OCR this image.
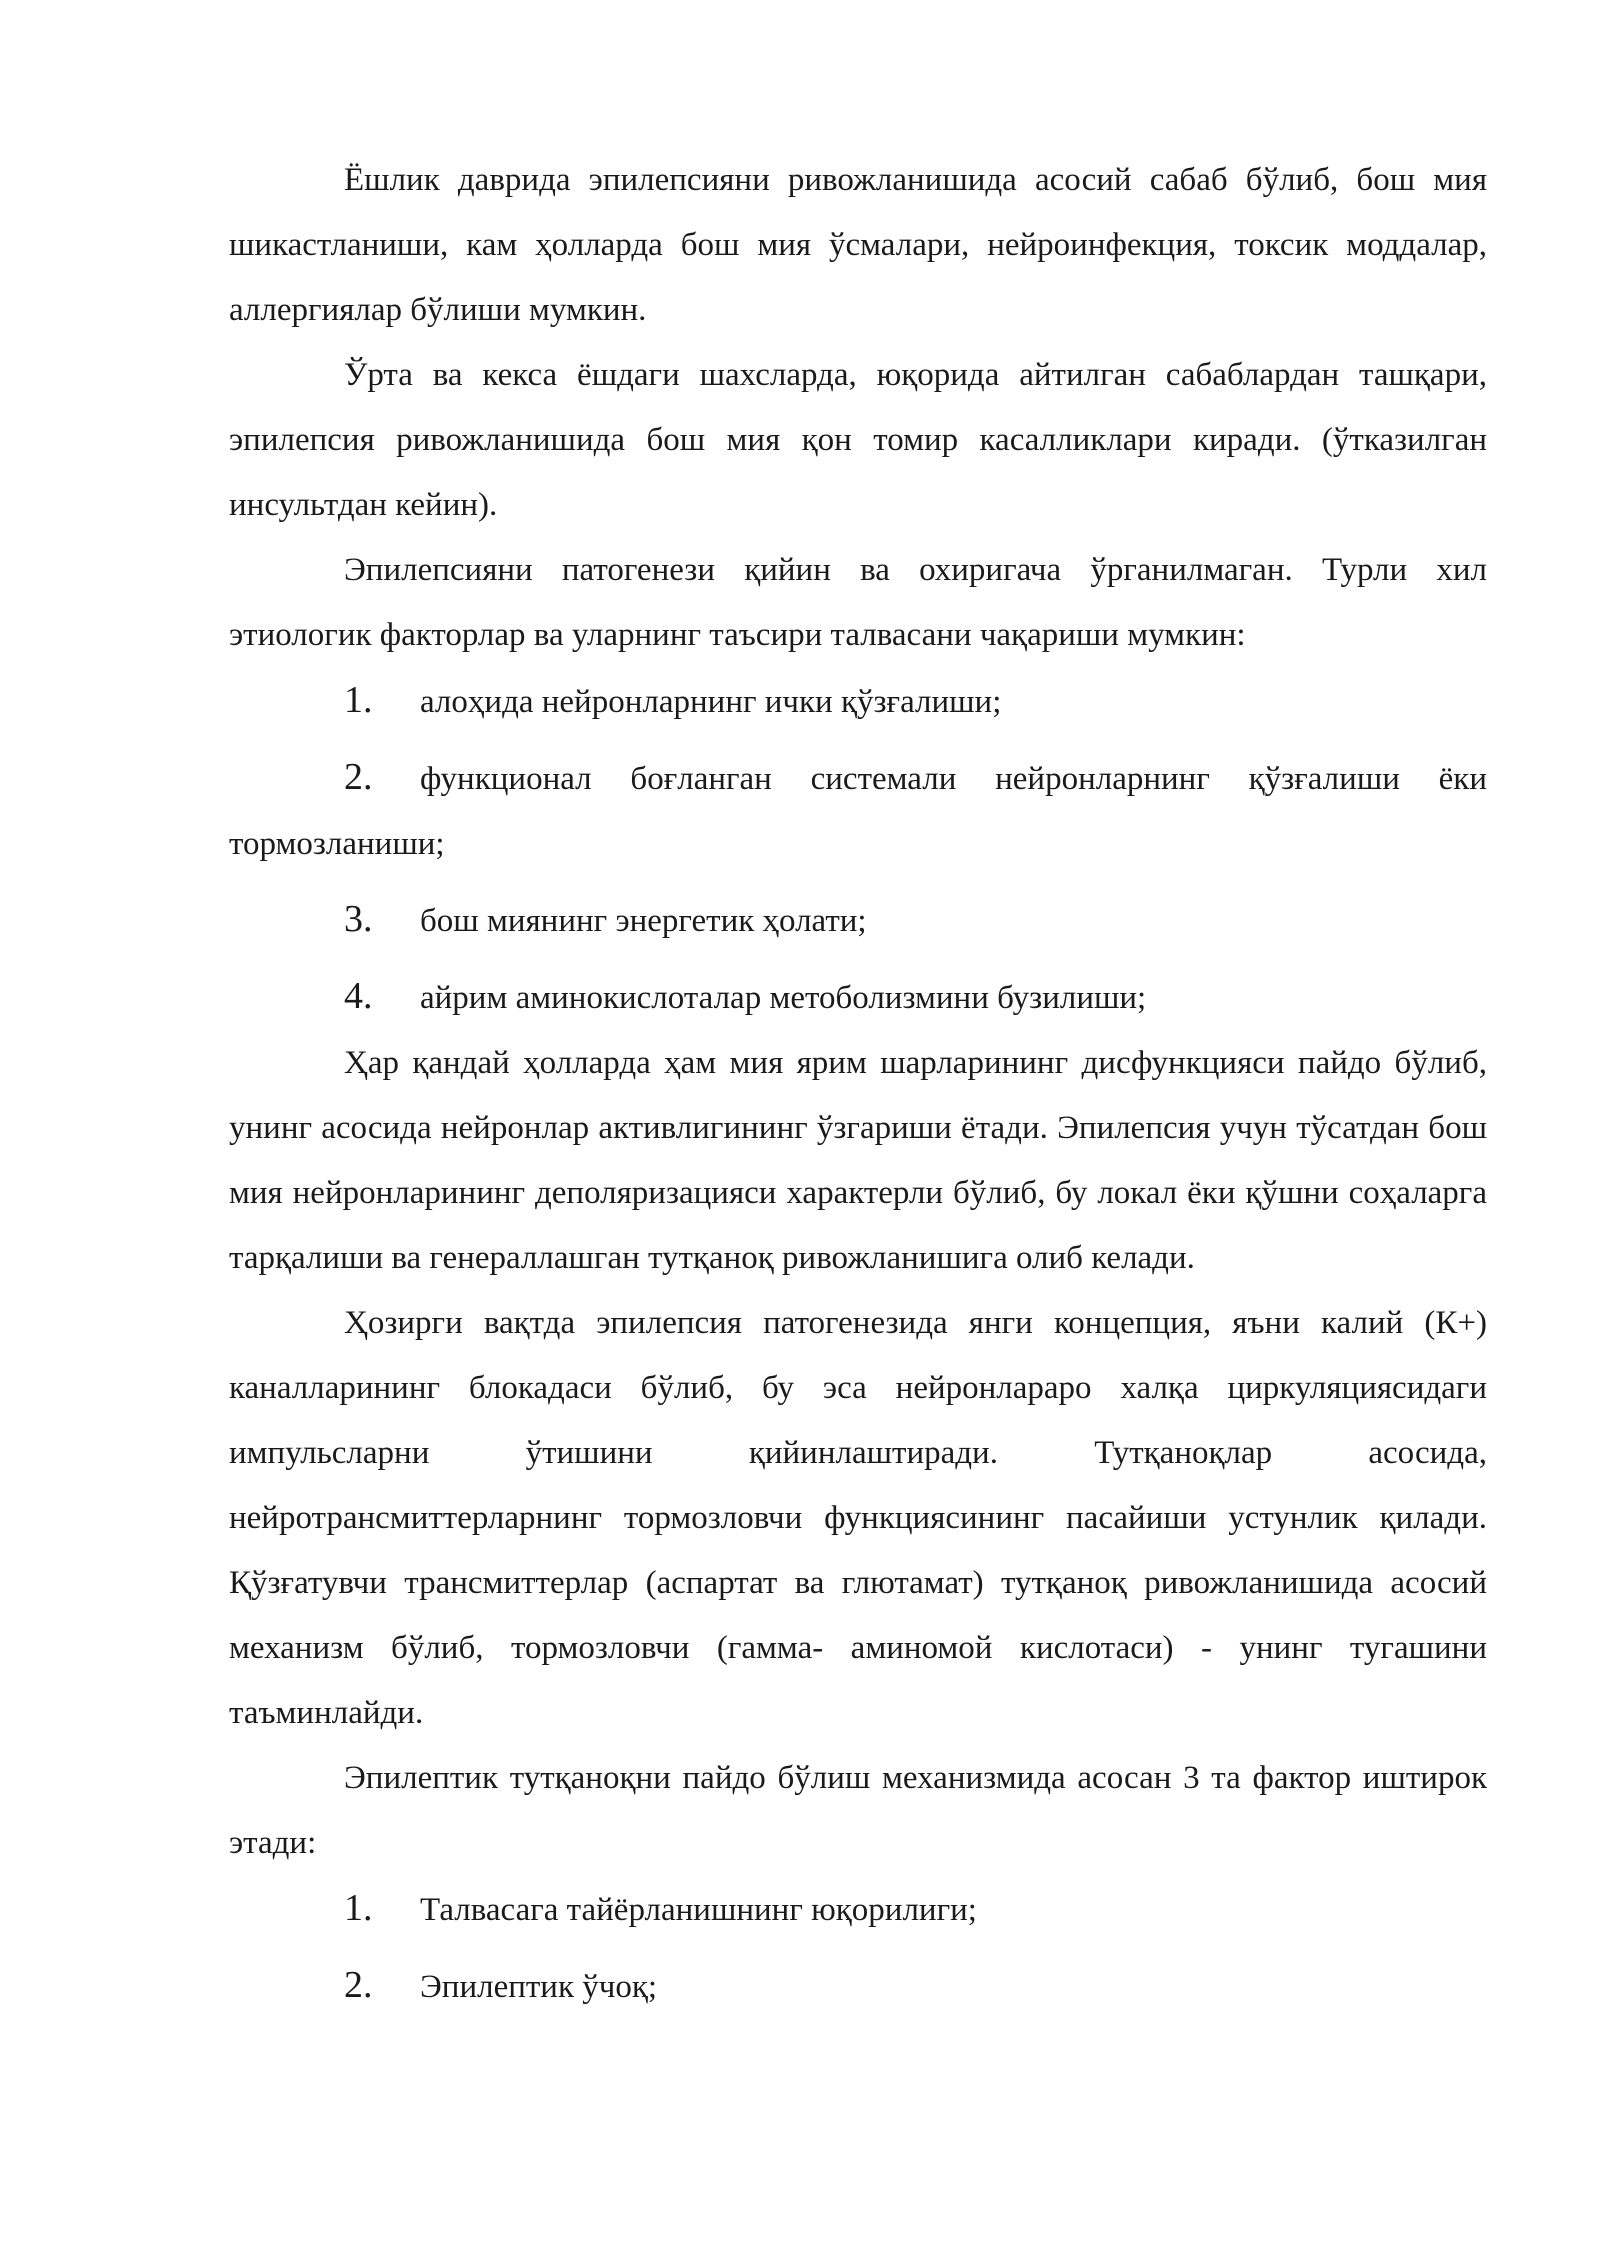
Ёшлик даврида эпилепсияни ривожланишида асосий сабаб бўлиб, бош мия шикастланиши, кам ҳолларда бош мия ўсмалари, нейроинфекция, токсик моддалар, аллергиялар бўлиши мумкин.

Ўрта ва кекса ёшдаги шахсларда, юқорида айтилган сабаблардан ташқари, эпилепсия ривожланишида бош мия қон томир касалликлари киради. (ўтказилган инсультдан кейин).

Эпилепсияни патогенези қийин ва охиригача ўрганилмаган. Турли хил этиологик факторлар ва уларнинг таъсири талвасани чақариши мумкин:

1. алоҳида нейронларнинг ички қўзғалиши;

2. функционал боғланган системали нейронларнинг қўзғалиши ёки тормозланиши;

3. бош миянинг энергетик ҳолати;

4. айрим аминокислоталар метоболизмини бузилиши;

Ҳар қандай ҳолларда ҳам мия ярим шарларининг дисфункцияси пайдо бўлиб, унинг асосида нейронлар активлигининг ўзгариши ётади. Эпилепсия учун тўсатдан бош мия нейронларининг деполяризацияси характерли бўлиб, бу локал ёки қўшни соҳаларга тарқалиши ва генераллашган тутқаноқ ривожланишига олиб келади.

Ҳозирги вақтда эпилепсия патогенезида янги концепция, яъни калий (К+) каналларининг блокадаси бўлиб, бу эса нейронлараро халқа циркуляциясидаги импульсларни ўтишини қийинлаштиради. Тутқаноқлар асосида, нейротрансмиттерларнинг тормозловчи функциясининг пасайиши устунлик қилади. Қўзғатувчи трансмиттерлар (аспартат ва глютамат) тутқаноқ ривожланишида асосий механизм бўлиб, тормозловчи (гамма- аминомой кислотаси) - унинг тугашини таъминлайди.

Эпилептик тутқаноқни пайдо бўлиш механизмида асосан 3 та фактор иштирок этади:

1. Талвасага тайёрланишнинг юқорилиги;

2. Эпилептик ўчоқ;
